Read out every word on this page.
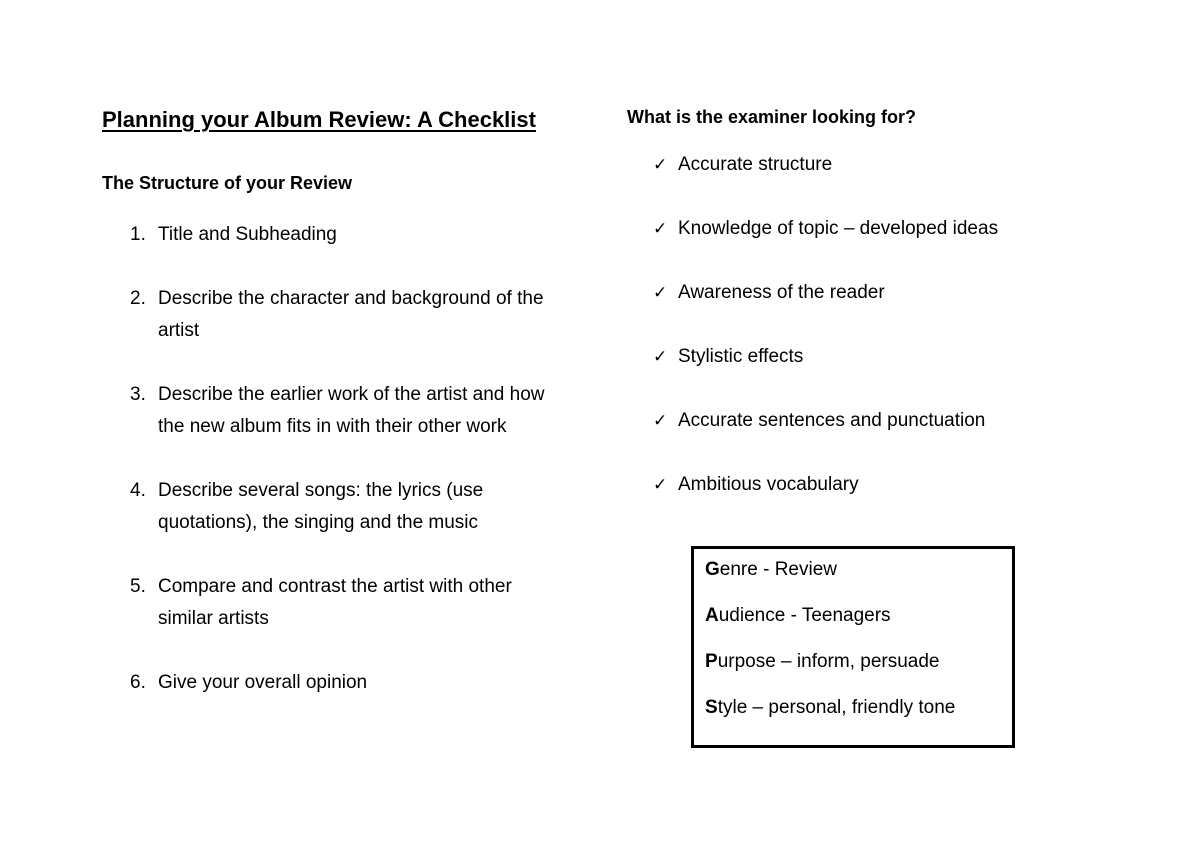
Planning your Album Review: A Checklist
The Structure of your Review
1. Title and Subheading
2. Describe the character and background of the artist
3. Describe the earlier work of the artist and how the new album fits in with their other work
4. Describe several songs: the lyrics (use quotations), the singing and the music
5. Compare and contrast the artist with other similar artists
6. Give your overall opinion
What is the examiner looking for?
✓ Accurate structure
✓ Knowledge of topic – developed ideas
✓ Awareness of the reader
✓ Stylistic effects
✓ Accurate sentences and punctuation
✓ Ambitious vocabulary
Genre - Review
Audience - Teenagers
Purpose – inform, persuade
Style – personal, friendly tone
